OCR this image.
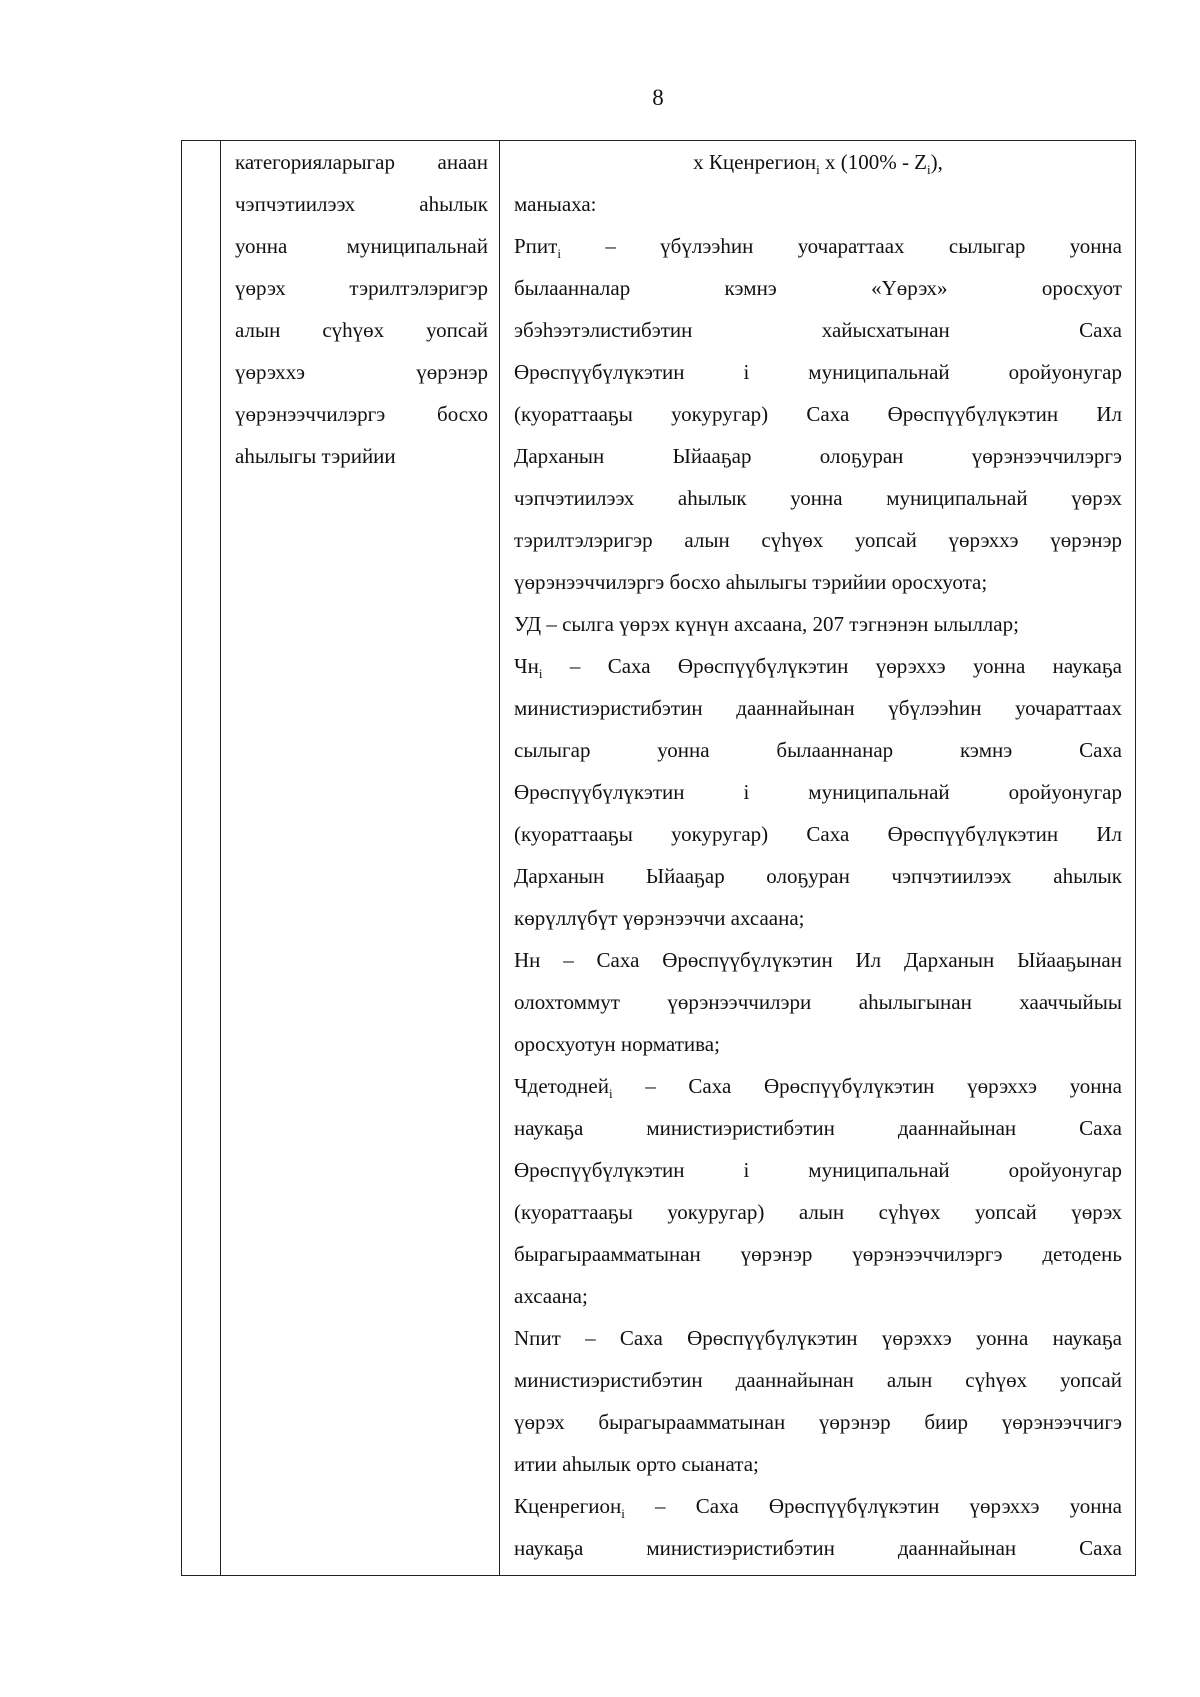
8
категорияларыгар анаан
чэпчэтиилээх аһылык
уонна муниципальнай
үөрэх тэрилтэлэригэр
алын сүһүөх уопсай
үөрэххэ үөрэнэр
үөрэнээччилэргэ босхо
аһылыгы тэрийии
х Кценрегион$_i$ х $(100\% - Z_i)$,
маныаха:
Рпит$_i$ – үбүлээһин уочараттаах сылыгар уонна
былаанналар кэмнэ «Үөрэх» оросхуот
эбэһээтэлистибэтин хайысхатынан Саха
Өрөспүүбүлүкэтин i муниципальнай оройуонугар
(куораттааҕы уокуругар) Саха Өрөспүүбүлүкэтин Ил
Дарханын Ыйааҕар олоҕуран үөрэнээччилэргэ
чэпчэтиилээх аһылык уонна муниципальнай үөрэх
тэрилтэлэригэр алын сүһүөх уопсай үөрэххэ үөрэнэр
үөрэнээччилэргэ босхо аһылыгы тэрийии оросхуота;
УД – сылга үөрэх күнүн ахсаана, 207 тэгнэнэн ылыллар;
$Чн_i$ – Саха Өрөспүүбүлүкэтин үөрэххэ уонна наукаҕа
министиэристибэтин дааннайынан үбүлээһин уочараттаах
сылыгар уонна былааннанар кэмнэ Саха
Өрөспүүбүлүкэтин i муниципальнай оройуонугар
(куораттааҕы уокуругар) Саха Өрөспүүбүлүкэтин Ил
Дарханын Ыйааҕар олоҕуран чэпчэтиилээх аһылык
көрүллүбүт үөрэнээччи ахсаана;
Нн – Саха Өрөспүүбүлүкэтин Ил Дарханын Ыйааҕынан
олохтоммут үөрэнээччилэри аһылыгынан хааччыйыы
оросхуотун норматива;
Чдетодней$_i$ – Саха Өрөспүүбүлүкэтин үөрэххэ уонна
наукаҕа министиэристибэтин дааннайынан Саха
Өрөспүүбүлүкэтин i муниципальнай оройуонугар
(куораттааҕы уокуругар) алын сүһүөх уопсай үөрэх
бырагыраамматынан үөрэнэр үөрэнээччилэргэ детодень
ахсаана;
Nпит – Саха Өрөспүүбүлүкэтин үөрэххэ уонна наукаҕа
министиэристибэтин дааннайынан алын сүһүөх уопсай
үөрэх бырагыраамматынан үөрэнэр биир үөрэнээччигэ
итии аһылык орто сыаната;
Кценрегион$_i$ – Саха Өрөспүүбүлүкэтин үөрэххэ уонна
наукаҕа министиэристибэтин дааннайынан Саха
